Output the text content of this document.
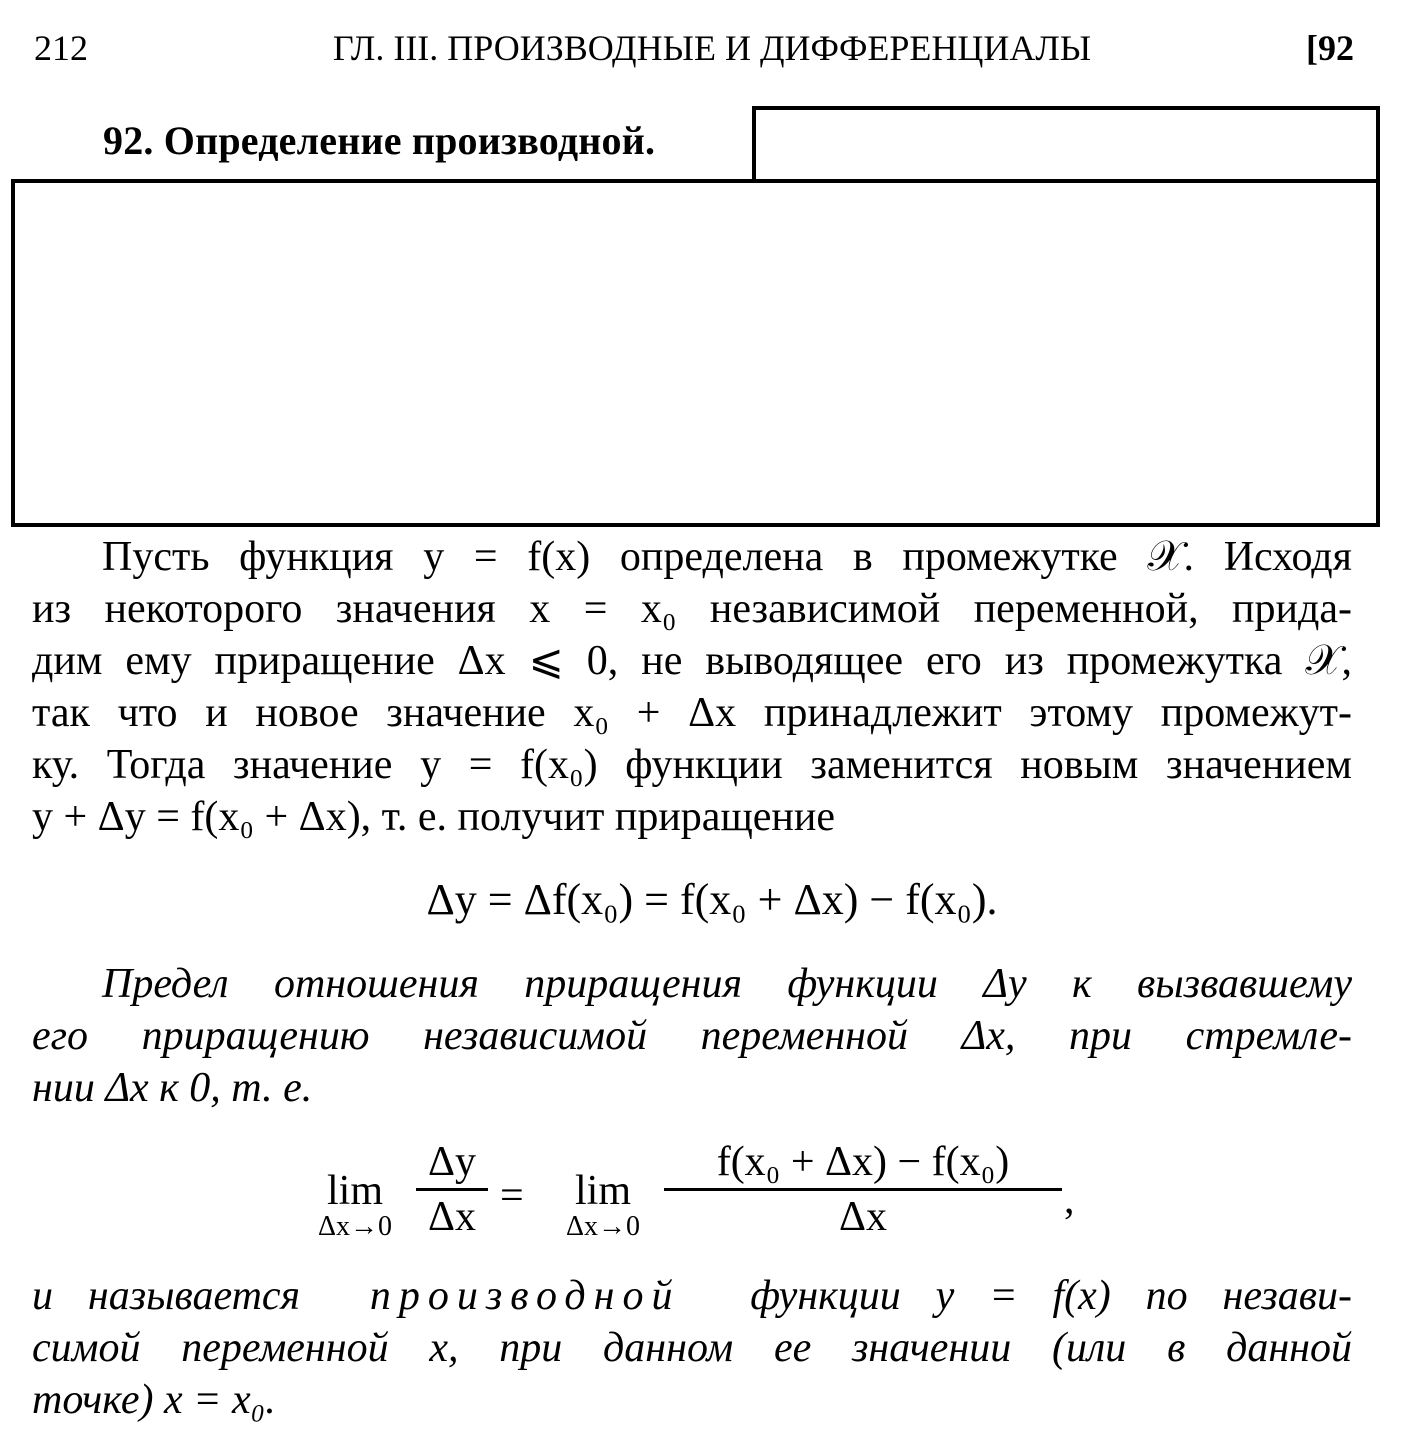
212	ГЛ. III. ПРОИЗВОДНЫЕ И ДИФФЕРЕНЦИАЛЫ	[92
92. Определение производной.
Пусть функция y = f(x) определена в промежутке 𝒳. Исходя
из некоторого значения x = x₀ независимой переменной, прида-
дим ему приращение Δx ⩽ 0, не выводящее его из промежутка 𝒳,
так что и новое значение x₀ + Δx принадлежит этому промежут-
ку. Тогда значение y = f(x₀) функции заменится новым значением
y + Δy = f(x₀ + Δx), т. е. получит приращение
Δy = Δf(x₀) = f(x₀ + Δx) − f(x₀).
Предел отношения приращения функции Δy к вызвавшему
его приращению независимой переменной Δx, при стремле-
нии Δx к 0, т. е.
lim
Δx→0
Δy
Δx =	lim
Δx→0
f(x₀ + Δx) − f(x₀)
Δx	,
и называется производной функции y = f(x) по незави-
симой переменной x, при данном ее значении (или в данной
точке) x = x₀.
